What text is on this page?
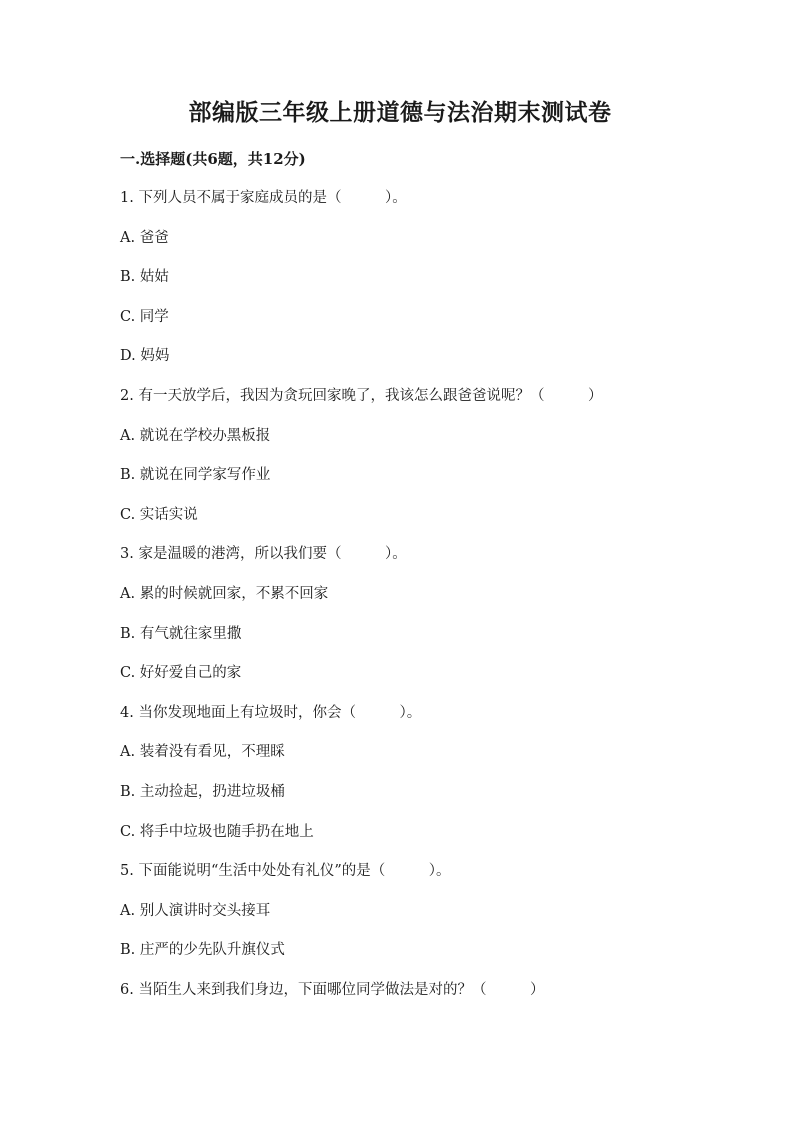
部编版三年级上册道德与法治期末测试卷
一.选择题(共6题，共12分)
1. 下列人员不属于家庭成员的是（　　　）。
A. 爸爸
B. 姑姑
C. 同学
D. 妈妈
2. 有一天放学后，我因为贪玩回家晚了，我该怎么跟爸爸说呢？（　　　）
A. 就说在学校办黑板报
B. 就说在同学家写作业
C. 实话实说
3. 家是温暖的港湾，所以我们要（　　　）。
A. 累的时候就回家，不累不回家
B. 有气就往家里撒
C. 好好爱自己的家
4. 当你发现地面上有垃圾时，你会（　　　）。
A. 装着没有看见，不理睬
B. 主动捡起，扔进垃圾桶
C. 将手中垃圾也随手扔在地上
5. 下面能说明“生活中处处有礼仪”的是（　　　）。
A. 别人演讲时交头接耳
B. 庄严的少先队升旗仪式
6. 当陌生人来到我们身边，下面哪位同学做法是对的？（　　　）
